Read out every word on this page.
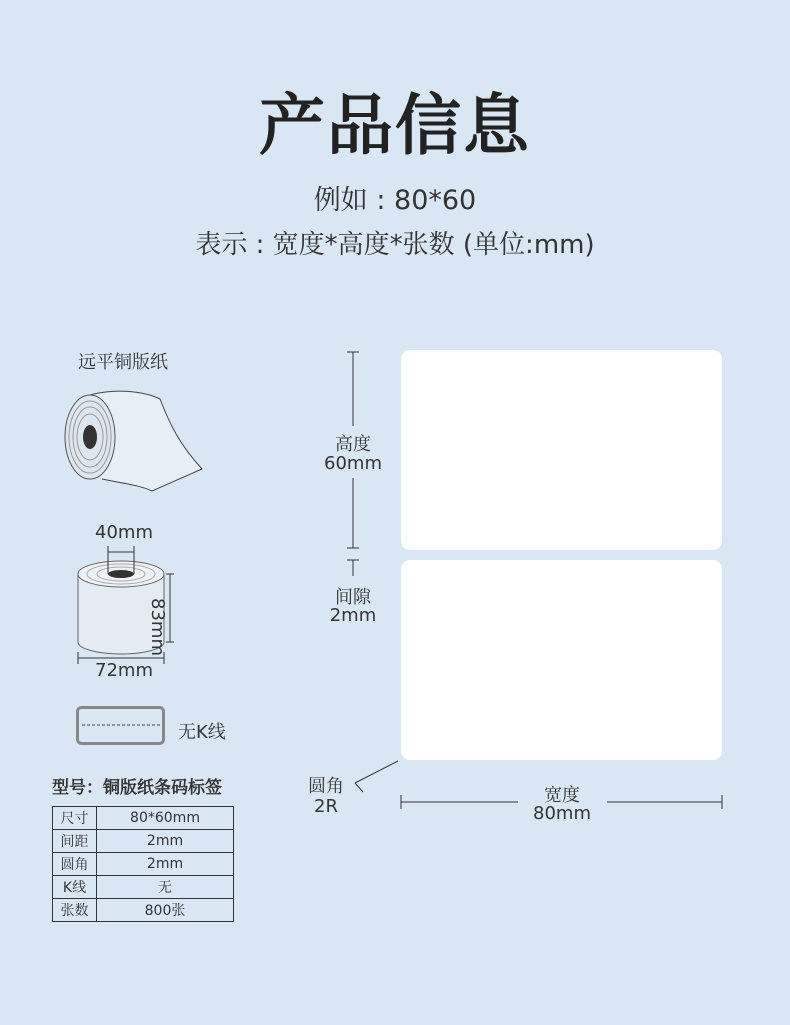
产品信息
例如 : 80*60
表示 : 宽度*高度*张数 (单位:mm)
远平铜版纸
40mm
83mm
72mm
无K线
型号：铜版纸条码标签
尺寸	80*60mm
间距	2mm
圆角	2mm
K线	无
张数	800张
高度
60mm
间隙
2mm
圆角
2R
宽度
80mm
